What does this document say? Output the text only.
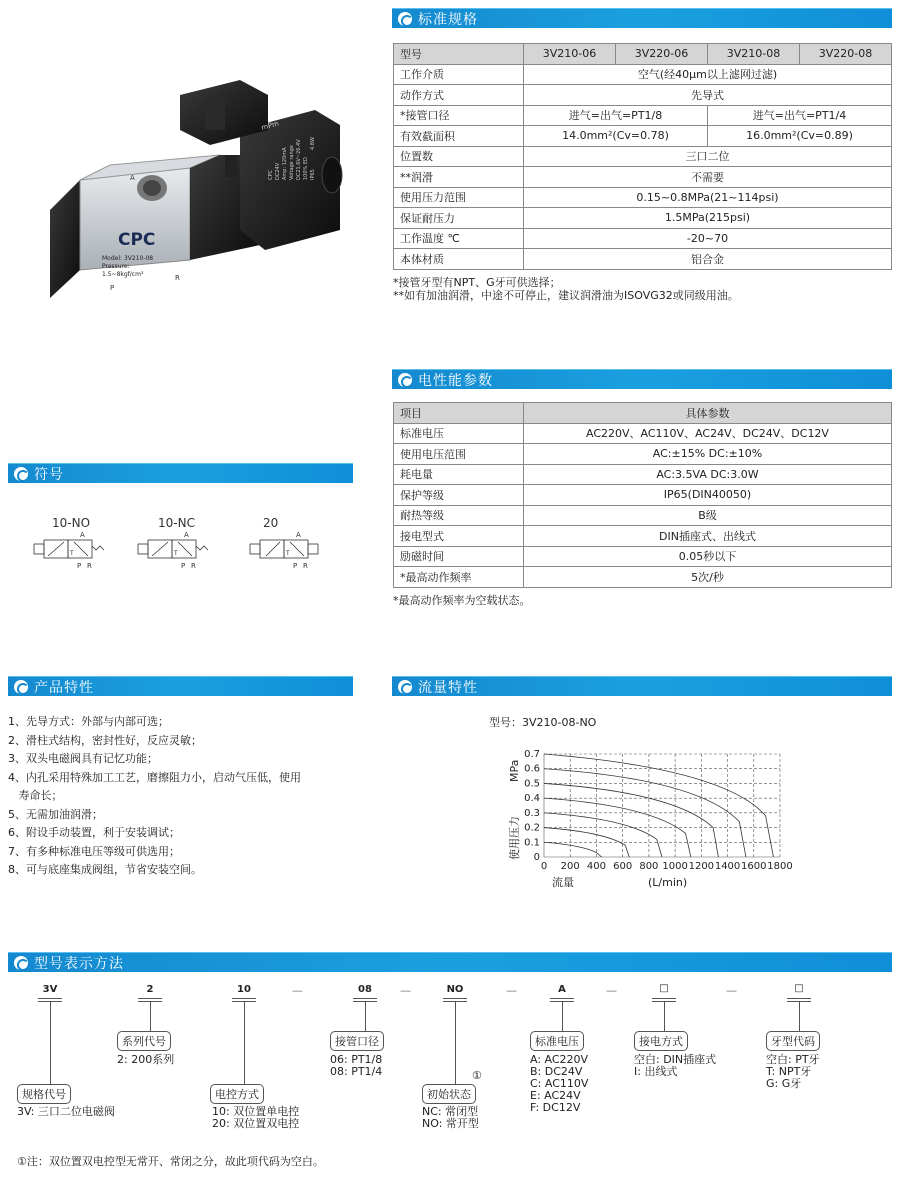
CPC
Model: 3V210-08
Pressure:
1.5~8kgf/cm²
A
P
R
mPm
CPC DC24V Amp: 120mA Voltage range DC21.6V~26.4V 100% ED IP65
4.8W
标准规格
型号	3V210-06	3V220-06	3V210-08	3V220-08
工作介质	空气(经40μm以上滤网过滤)			
动作方式	先导式			
*接管口径	进气=出气=PT1/8		进气=出气=PT1/4	
有效截面积	14.0mm²(Cv=0.78)		16.0mm²(Cv=0.89)	
位置数	三口二位			
**润滑	不需要			
使用压力范围	0.15~0.8MPa(21~114psi)			
保证耐压力	1.5MPa(215psi)			
工作温度 ℃	-20~70			
本体材质	铝合金			
*接管牙型有NPT、G牙可供选择；
**如有加油润滑，中途不可停止，建议润滑油为ISOVG32或同级用油。
电性能参数
项目	具体参数
标准电压	AC220V、AC110V、AC24V、DC24V、DC12V
使用电压范围	AC:±15% DC:±10%
耗电量	AC:3.5VA DC:3.0W
保护等级	IP65(DIN40050)
耐热等级	B级
接电型式	DIN插座式、出线式
励磁时间	0.05秒以下
*最高动作频率	5次/秒
*最高动作频率为空载状态。
符号
10-NO	10-NC	20
A
P R
A
P R
A
P R
T	T	T
产品特性
1、先导方式：外部与内部可选；
2、滑柱式结构，密封性好，反应灵敏；
3、双头电磁阀具有记忆功能；
4、内孔采用特殊加工工艺，磨擦阻力小，启动气压低，使用
寿命长；
5、无需加油润滑；
6、附设手动装置，利于安装调试；
7、有多种标准电压等级可供选用；
8、可与底座集成阀组，节省安装空间。
流量特性
型号：3V210-08-NO
0 200 400 600 800 1000 1200 1400 1600 1800
0
0.1
0.2
0.3
0.4
0.5
0.6
0.7
流量	(L/min)
使用压力
MPa
型号表示方法
3V	2	10	08	NO	A	□	□
—	—	—	—	—
规格代号
3V: 三口二位电磁阀
系列代号
2: 200系列
电控方式
10: 双位置单电控
20: 双位置双电控
接管口径
06: PT1/8
08: PT1/4	①
初始状态
NC: 常闭型
NO: 常开型
标准电压
A: AC220V
B: DC24V
C: AC110V
E: AC24V
F: DC12V
接电方式
空白: DIN插座式
I: 出线式
牙型代码
空白: PT牙
T: NPT牙
G: G牙
①注：双位置双电控型无常开、常闭之分，故此项代码为空白。
